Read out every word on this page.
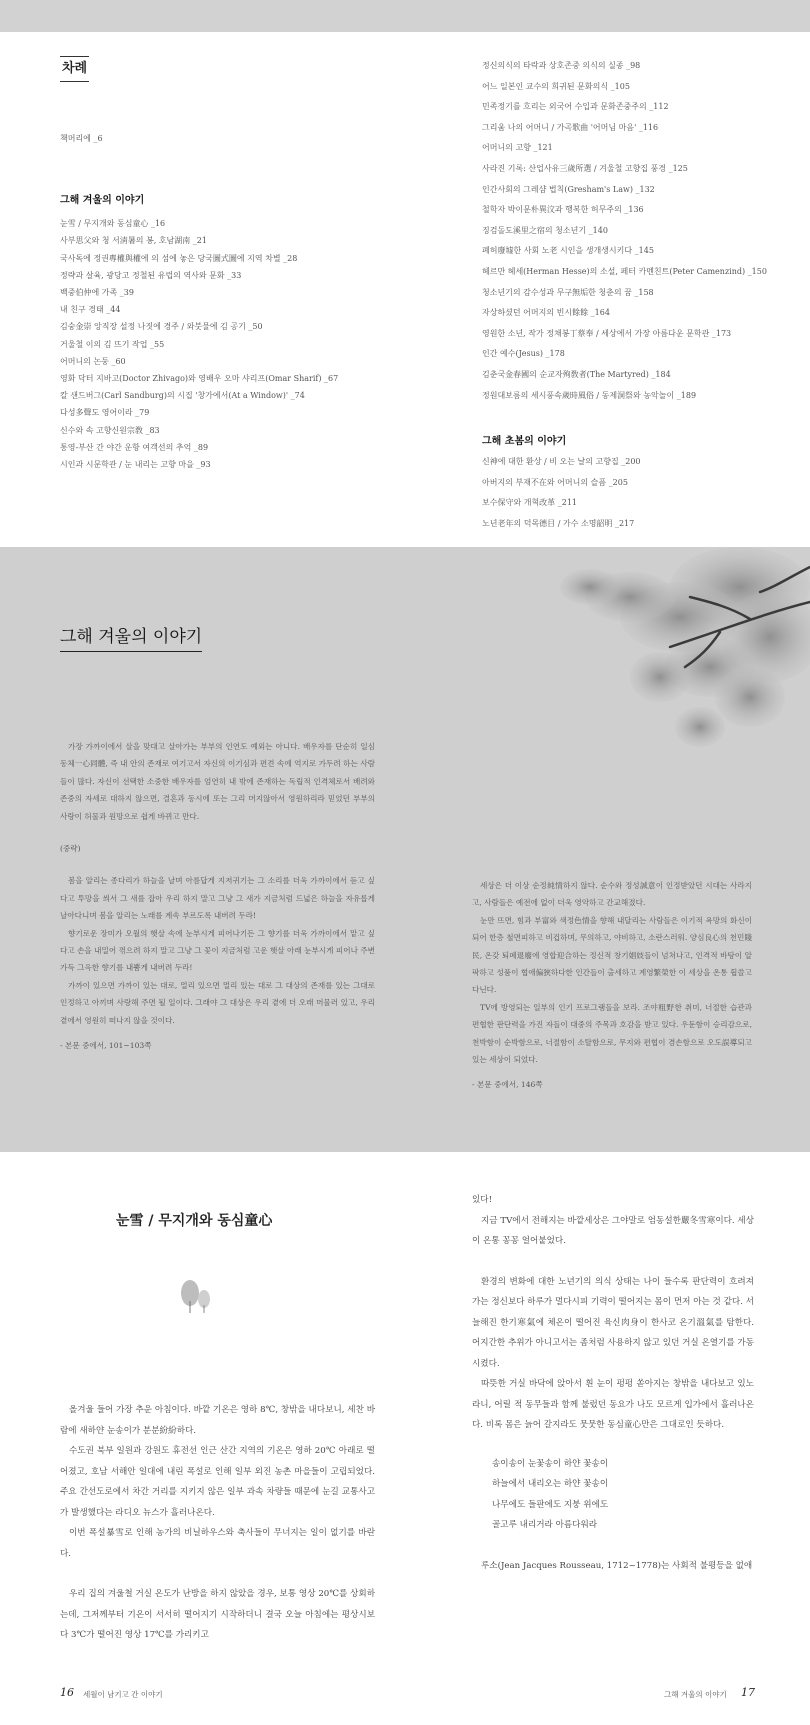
차례
책머리에 _6
그해 겨울의 이야기
눈雪 / 무지개와 동심童心 _16
사부思父와 청 서淸暑의 봉, 호남湖南 _21
국사독에 정권專權與權에 의 섬에 놓은 당국圖式圖에 지역 차별 _28
정략과 살육, 광당고 정철된 유럽의 역사와 문화 _33
백중伯仲에 가족 _39
내 친구 경태 _44
김숭金崇 앙직장 설정 나짓에 경주 / 와붓물에 김 공기 _50
거울철 이의 김 뜨기 작업 _55
어머니의 논둥 _60
영화 닥터 지바고(Doctor Zhivago)와 영배우 오마 샤리프(Omar Sharif) _67
칼 샌드버그(Carl Sandburg)의 시집 '창가에서(At a Window)' _74
다성多聲도 영어이라 _79
신수와 속 고향신원宗敎 _83
통영-부산 간 야간 운항 여객선의 추억 _89
시인과 시문학관 / 눈 내리는 고향 마을 _93
정신의식의 타락과 상호존중 의식의 실종 _98
어느 일본인 교수의 희귀된 문화의식 _105
민족정기를 흐리는 외국어 수입과 문화존중주의 _112
그리움 나의 어머니 / 가곡歌曲 '어머님 마음' _116
어머니의 고향 _121
사라진 기록: 산업사유三歲所選 / 겨울철 고향집 풍경 _125
인간사회의 그레샴 법칙(Gresham's Law) _132
철학자 박이문朴異汶과 행복한 허무주의 _136
징검돌도溪里之宿의 청소년기 _140
폐허廢墟한 사회 노老 시인을 생개생시키다 _145
헤르만 헤세(Herman Hesse)의 소설, 페터 카멘친트(Peter Camenzind) _150
청소년기의 감수성과 무구無垢한 청춘의 꿈 _158
자상하셨던 어머지의 빈시餘餘 _164
영원한 소년, 작가 정채봉丁蔡奉 / 세상에서 가장 아름다운 문학관 _173
인간 예수(Jesus) _178
김춘국金春國의 순교자殉敎者(The Martyred) _184
정원대보름의 세시풍속歲時風俗 / 동제洞祭와 농악놀이 _189
그해 초봄의 이야기
신神에 대한 환상 / 비 오는 날의 고향집 _200
아버지의 부재不在와 어머니의 슬픔 _205
보수保守와 개혁改革 _211
노년老年의 덕목德目 / 가수 소명韶明 _217
그해 겨울의 이야기

가장 가까이에서 살을 맞대고 살아가는 부부의 인연도 예외는 아니다. 배우자를 단순히 일심동체一心同體, 즉 내 안의 존재로 여기고서 자신의 이기심과 편견 속에 억지로 가두려 하는 사람들이 많다. 자신이 선택한 소중한 배우자를 엄연히 내 밖에 존재하는 독립적 인격체로서 배려와 존중의 자세로 대하지 않으면, 결혼과 동시에 또는 그리 머지않아서 영원하리라 믿었던 부부의 사랑이 허물과 원망으로 쉽게 바뀌고 만다.

(중략)

봄을 알리는 종다리가 하늘을 날며 아름답게 지저귀기는 그 소리를 더욱 가까이에서 듣고 싶다고 투망을 씌서 그 새를 잡아 우리 하지 말고 그냥 그 새가 지금처럼 드넓은 하늘을 자유롭게 날아다니며 봄을 알리는 노래를 계속 부르도록 내버려 두라!

향기로운 장미가 오월의 햇살 속에 눈부시게 피어나기든 그 향기를 더욱 가까이에서 맡고 싶다고 손을 내밀어 꺾으려 하지 말고 그냥 그 꽃이 지금처럼 고운 햇살 아래 눈부시게 피어나 주변 가득 그윽한 향기를 내뿜게 내버려 두라!

가까이 있으면 가까이 있는 대로, 멀리 있으면 멀리 있는 대로 그 대상의 존재를 있는 그대로 인정하고 아끼며 사랑해 주면 될 일이다. 그래야 그 대상은 우리 곁에 더 오래 머물러 있고, 우리 곁에서 영원히 떠나지 않을 것이다.

- 본문 중에서, 101~103쪽

세상은 더 이상 순정純情하지 않다. 순수와 정성誠意이 인정받았던 시대는 사라지고, 사람들은 예전에 없이 더욱 영악하고 간교해졌다.

눈만 뜨면, 힘과 부富와 색정色情을 향해 내달리는 사람들은 이기적 욕망의 화신이 되어 한층 철면피하고 비겁하며, 무의하고, 야비하고, 소란스러워. 양심良心의 천민賤民, 온갖 퇴폐退廢에 영합迎合하는 정신적 창기娼妓들이 넘쳐나고, 인격적 바탕이 알팍하고 성품이 협애偏狹하다한 인간들이 출세하고 계영繁榮한 이 세상을 온통 휩쓸고 다닌다.

TV에 방영되는 일부의 인기 프로그램들을 보라. 조야粗野한 취미, 너절한 습관과 편협한 판단력을 가진 자들이 대중의 주목과 호감을 받고 있다. 우둔함이 승리감으로, 천박함이 순박함으로, 너절함이 소탈함으로, 무지와 편협이 겸손함으로 오도誤導되고 있는 세상이 되었다.

- 본문 중에서, 146쪽

눈雪 / 무지개와 동심童心

올겨울 들어 가장 추운 아침이다. 바깥 기온은 영하 8℃, 창밖을 내다보니, 세찬 바람에 새하얀 눈송이가 분분紛紛하다.

수도권 북부 일원과 강원도 휴전선 인근 산간 지역의 기온은 영하 20℃ 아래로 떨어졌고, 호남 서해안 일대에 내린 폭설로 인해 일부 외진 농촌 마을들이 고립되었다. 주요 간선도로에서 차간 거리를 지키지 않은 일부 과속 차량들 때문에 눈길 교통사고가 발생했다는 라디오 뉴스가 흘러나온다.

이번 폭설暴雪로 인해 농가의 비닐하우스와 축사들이 무너지는 일이 없기를 바란다.

우리 집의 겨울철 거실 온도가 난방을 하지 않았을 경우, 보통 영상 20℃를 상회하는데, 그저께부터 기온이 서서히 떨어지기 시작하더니 결국 오늘 아침에는 평상시보다 3℃가 떨어진 영상 17℃를 가리키고

있다!

지금 TV에서 전해지는 바깥세상은 그야말로 엄동설한嚴冬雪寒이다. 세상이 온통 꽁꽁 얼어붙었다.

환경의 변화에 대한 노년기의 의식 상태는 나이 들수록 판단력이 흐려져 가는 정신보다 하루가 멀다시피 기력이 떨어지는 몸이 먼저 아는 것 같다. 서늘해진 한기寒氣에 체온이 떨어진 육신肉身이 한사코 온기溫氣를 탐한다. 어지간한 추위가 아니고서는 좀처럼 사용하지 않고 있던 거실 온열기를 가동시켰다.

따뜻한 거실 바닥에 앉아서 흰 눈이 펑펑 쏟아지는 창밖을 내다보고 있노라니, 어릴 적 동무들과 함께 불렀던 동요가 나도 모르게 입가에서 흘러나온다. 비록 몸은 늙어 갈지라도 뭇뭇한 동심童心만은 그대로인 듯하다.

송이송이 눈꽃송이 하얀 꽃송이
하늘에서 내리오는 하얀 꽃송이
나무에도 들판에도 지붕 위에도
골고루 내리거라 아름다워라

루소(Jean Jacques Rousseau, 1712~1778)는 사회적 불평등을 없애

16 세월이 남기고 간 이야기	그해 겨울의 이야기 17
